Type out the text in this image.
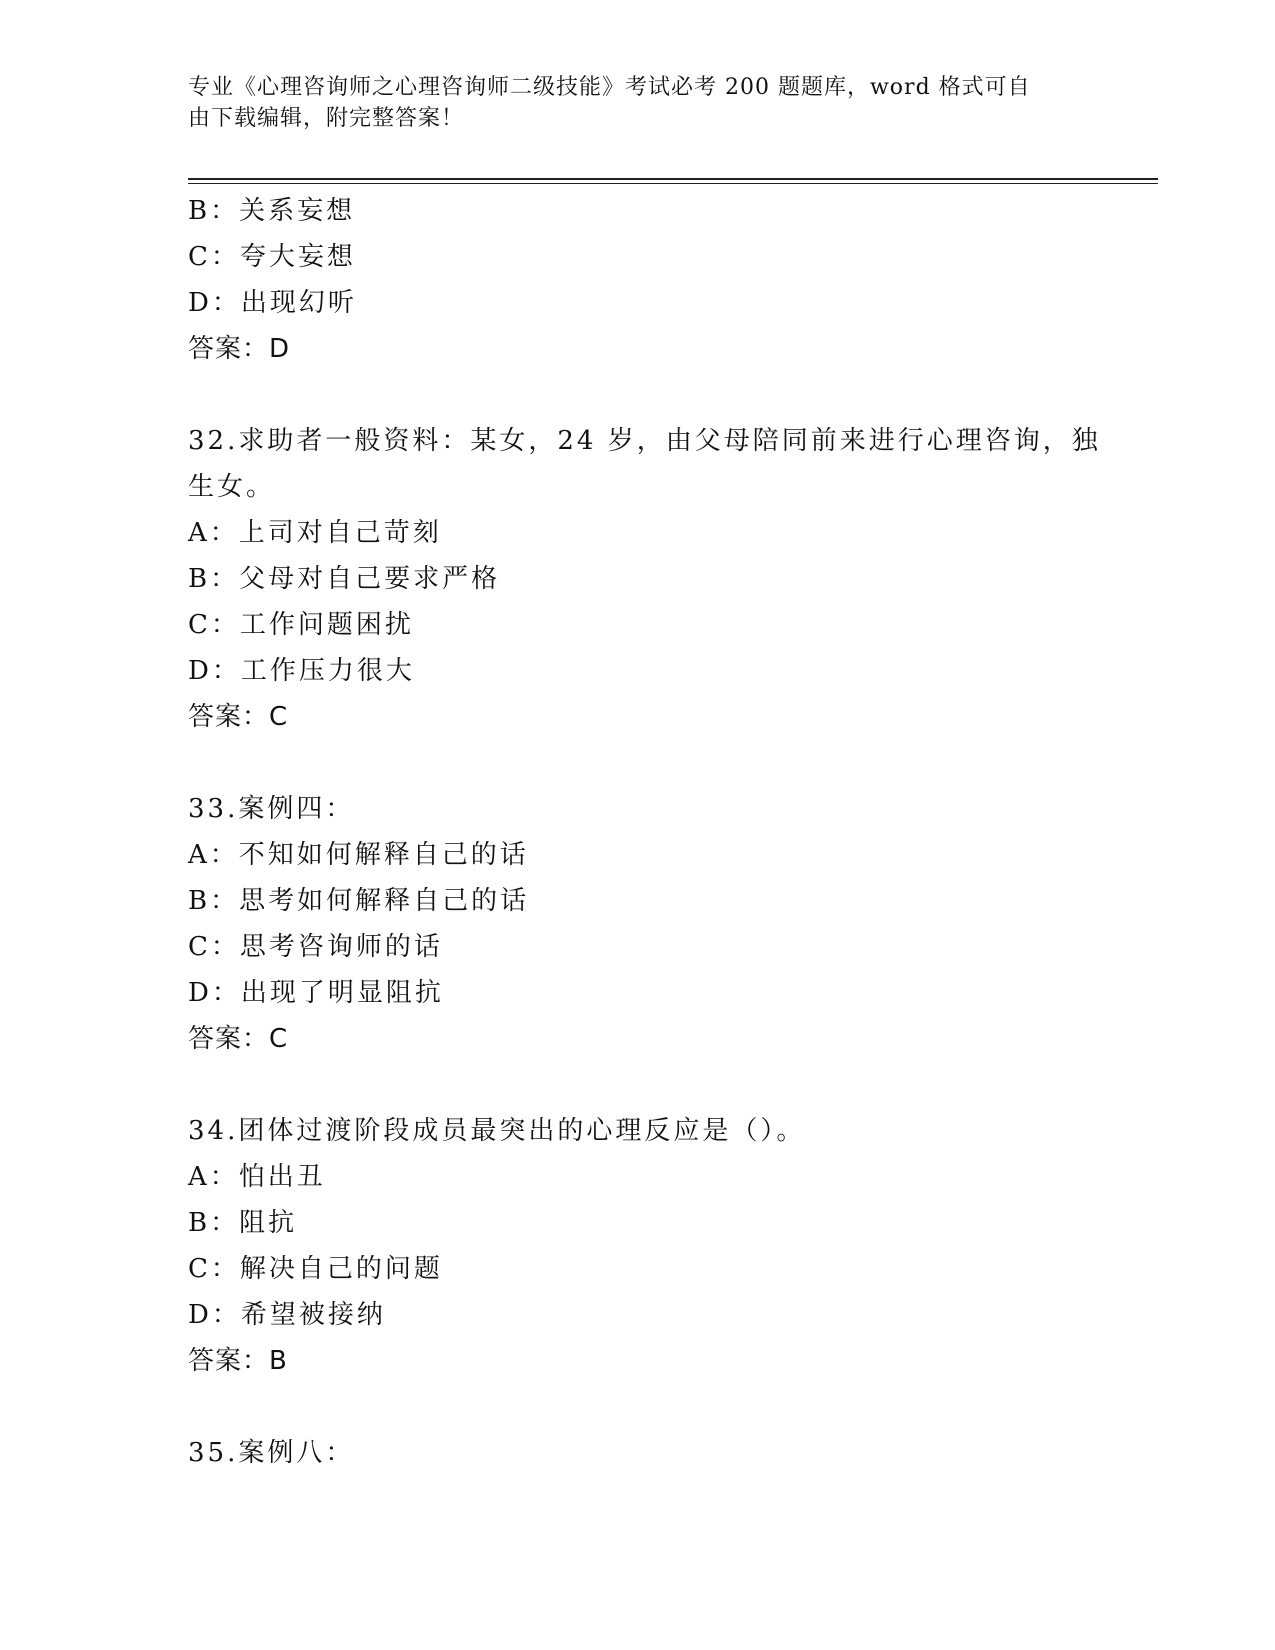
专业《心理咨询师之心理咨询师二级技能》考试必考 200 题题库，word 格式可自
由下载编辑，附完整答案！
B：关系妄想
C：夸大妄想
D：出现幻听
答案：D
32.求助者一般资料：某女，24 岁，由父母陪同前来进行心理咨询，独
生女。
A：上司对自己苛刻
B：父母对自己要求严格
C：工作问题困扰
D：工作压力很大
答案：C
33.案例四：
A：不知如何解释自己的话
B：思考如何解释自己的话
C：思考咨询师的话
D：出现了明显阻抗
答案：C
34.团体过渡阶段成员最突出的心理反应是（）。
A：怕出丑
B：阻抗
C：解决自己的问题
D：希望被接纳
答案：B
35.案例八：
